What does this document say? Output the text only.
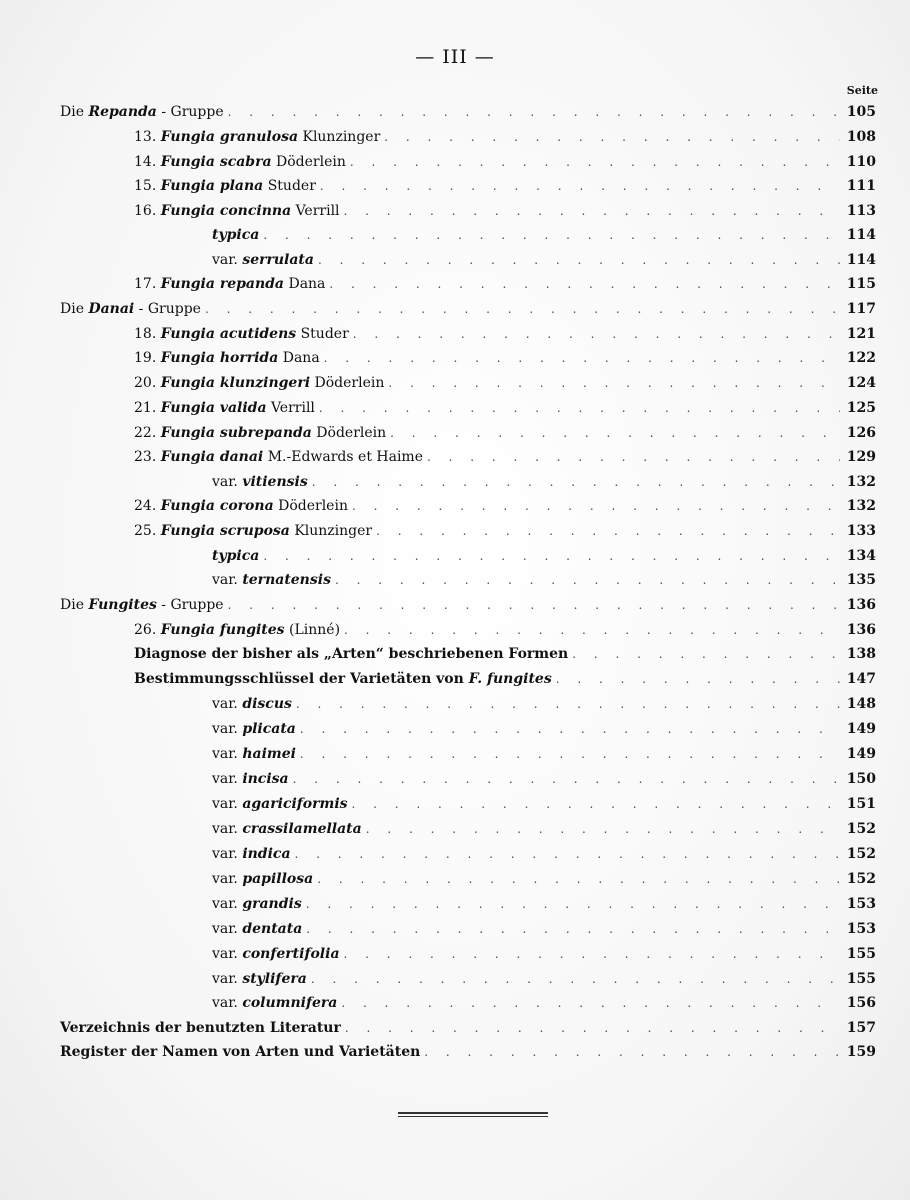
— III —
Seite
Die Repanda - Gruppe . . .	105
13. Fungia granulosa Klunzinger . . .	108
14. Fungia scabra Döderlein . . .	110
15. Fungia plana Studer . . .	111
16. Fungia concinna Verrill . . .	113
typica . . .	114
var. serrulata . . .	114
17. Fungia repanda Dana . . .	115
Die Danai - Gruppe . . .	117
18. Fungia acutidens Studer . . .	121
19. Fungia horrida Dana . . .	122
20. Fungia klunzingeri Döderlein . . .	124
21. Fungia valida Verrill . . .	125
22. Fungia subrepanda Döderlein . . .	126
23. Fungia danai M.-Edwards et Haime . . .	129
var. vitiensis . . .	132
24. Fungia corona Döderlein . . .	132
25. Fungia scruposa Klunzinger . . .	133
typica . . .	134
var. ternatensis . . .	135
Die Fungites - Gruppe . . .	136
26. Fungia fungites (Linné) . . .	136
Diagnose der bisher als „Arten“ beschriebenen Formen . . .	138
Bestimmungsschlüssel der Varietäten von F. fungites . . .	147
var. discus . . .	148
var. plicata . . .	149
var. haimei . . .	149
var. incisa . . .	150
var. agariciformis . . .	151
var. crassilamellata . . .	152
var. indica . . .	152
var. papillosa . . .	152
var. grandis . . .	153
var. dentata . . .	153
var. confertifolia . . .	155
var. stylifera . . .	155
var. columnifera . . .	156
Verzeichnis der benutzten Literatur . . .	157
Register der Namen von Arten und Varietäten . . .	159
